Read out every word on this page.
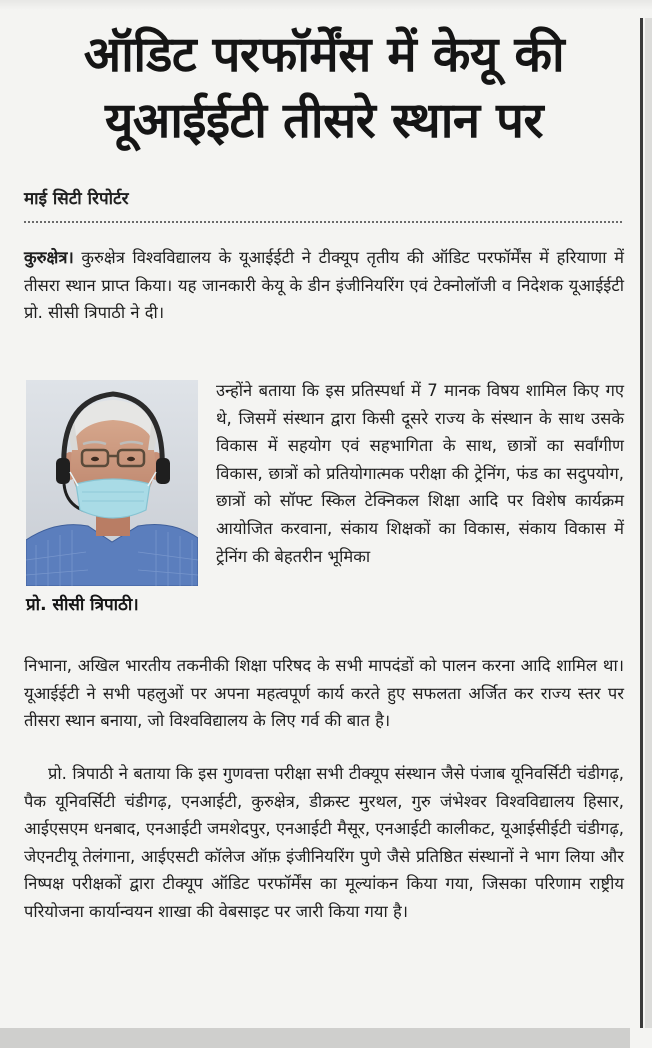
ऑडिट परफॉर्मेंस में केयू की यूआईईटी तीसरे स्थान पर
माई सिटी रिपोर्टर

कुरुक्षेत्र। कुरुक्षेत्र विश्वविद्यालय के यूआईईटी ने टीक्यूप तृतीय की ऑडिट परफॉर्मेंस में हरियाणा में तीसरा स्थान प्राप्त किया। यह जानकारी केयू के डीन इंजीनियरिंग एवं टेक्नोलॉजी व निदेशक यूआईईटी प्रो. सीसी त्रिपाठी ने दी।

प्रो. सीसी त्रिपाठी।

उन्होंने बताया कि इस प्रतिस्पर्धा में 7 मानक विषय शामिल किए गए थे, जिसमें संस्थान द्वारा किसी दूसरे राज्य के संस्थान के साथ उसके विकास में सहयोग एवं सहभागिता के साथ, छात्रों का सर्वांगीण विकास, छात्रों को प्रतियोगात्मक परीक्षा की ट्रेनिंग, फंड का सदुपयोग, छात्रों को सॉफ्ट स्किल टेक्निकल शिक्षा आदि पर विशेष कार्यक्रम आयोजित करवाना, संकाय शिक्षकों का विकास, संकाय विकास में ट्रेनिंग की बेहतरीन भूमिका

निभाना, अखिल भारतीय तकनीकी शिक्षा परिषद के सभी मापदंडों को पालन करना आदि शामिल था। यूआईईटी ने सभी पहलुओं पर अपना महत्वपूर्ण कार्य करते हुए सफलता अर्जित कर राज्य स्तर पर तीसरा स्थान बनाया, जो विश्वविद्यालय के लिए गर्व की बात है।

प्रो. त्रिपाठी ने बताया कि इस गुणवत्ता परीक्षा सभी टीक्यूप संस्थान जैसे पंजाब यूनिवर्सिटी चंडीगढ़, पैक यूनिवर्सिटी चंडीगढ़, एनआईटी, कुरुक्षेत्र, डीक्रस्ट मुरथल, गुरु जंभेश्वर विश्वविद्यालय हिसार, आईएसएम धनबाद, एनआईटी जमशेदपुर, एनआईटी मैसूर, एनआईटी कालीकट, यूआईसीईटी चंडीगढ़, जेएनटीयू तेलंगाना, आईएसटी कॉलेज ऑफ़ इंजीनियरिंग पुणे जैसे प्रतिष्ठित संस्थानों ने भाग लिया और निष्पक्ष परीक्षकों द्वारा टीक्यूप ऑडिट परफॉर्मेंस का मूल्यांकन किया गया, जिसका परिणाम राष्ट्रीय परियोजना कार्यान्वयन शाखा की वेबसाइट पर जारी किया गया है।
